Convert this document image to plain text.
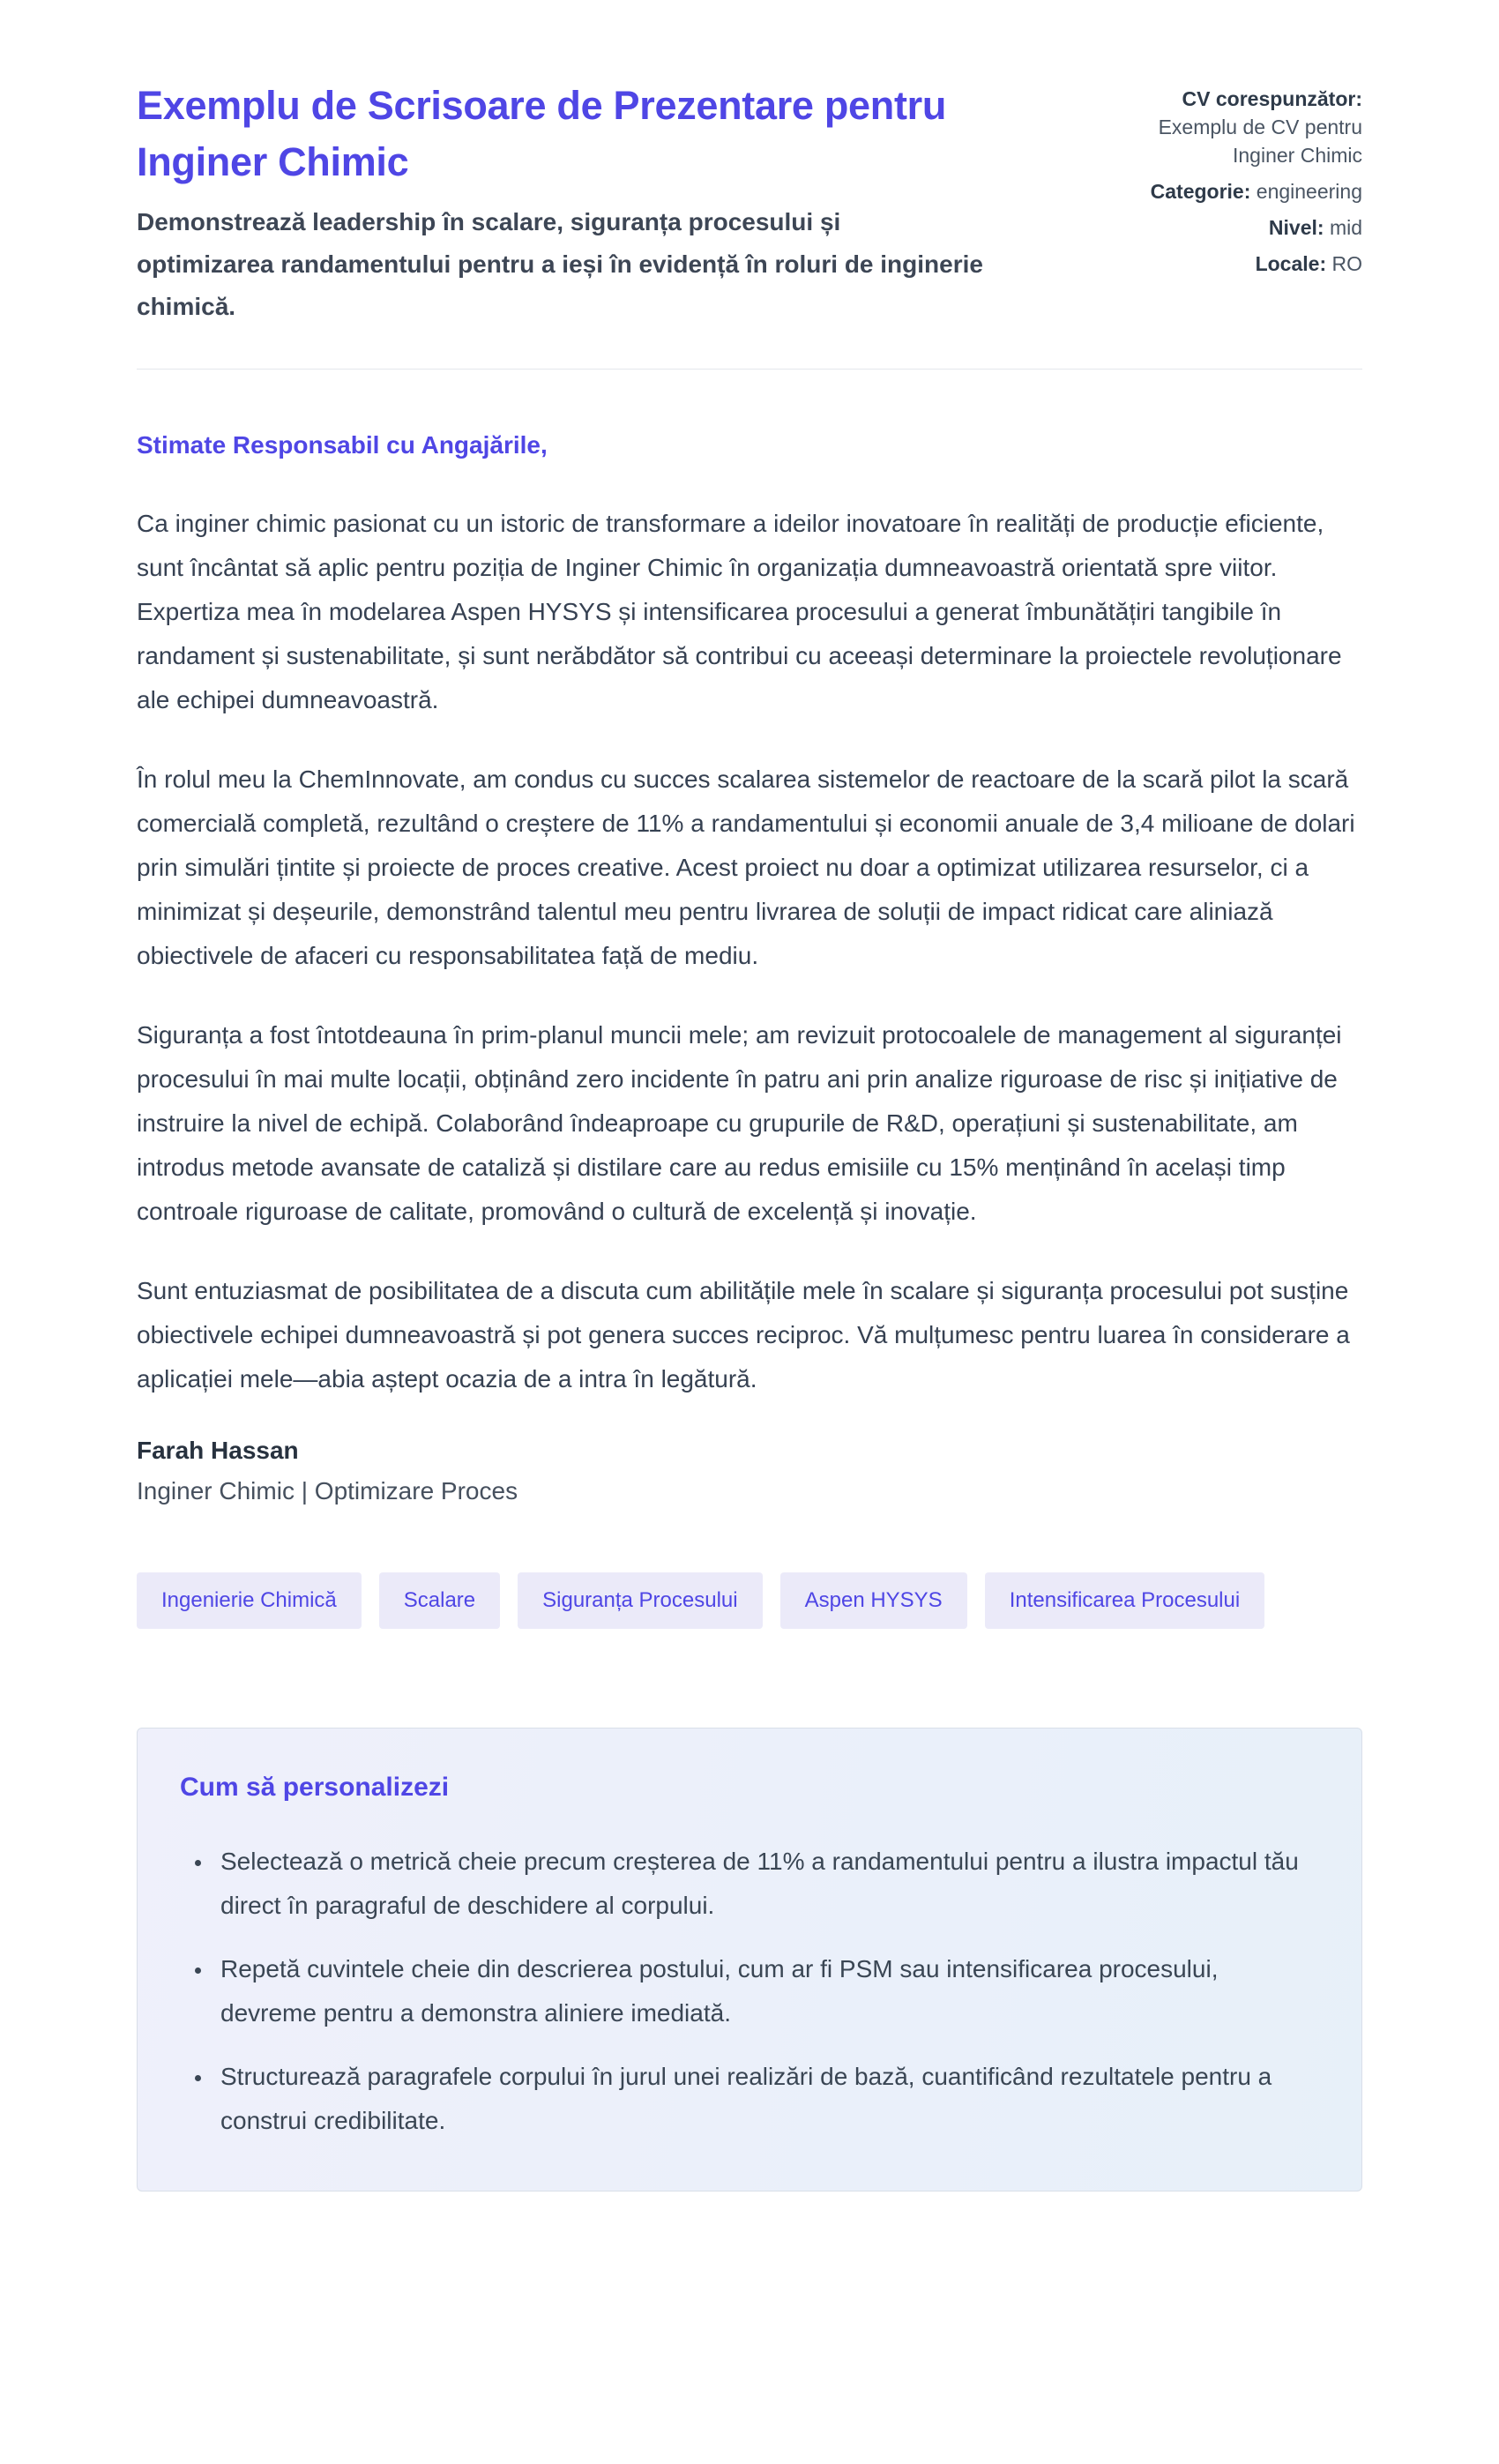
Exemplu de Scrisoare de Prezentare pentru Inginer Chimic

Demonstrează leadership în scalare, siguranța procesului și optimizarea randamentului pentru a ieși în evidență în roluri de inginerie chimică.

CV corespunzător:
Exemplu de CV pentru Inginer Chimic
Categorie: engineering
Nivel: mid
Locale: RO

Stimate Responsabil cu Angajările,

Ca inginer chimic pasionat cu un istoric de transformare a ideilor inovatoare în realități de producție eficiente, sunt încântat să aplic pentru poziția de Inginer Chimic în organizația dumneavoastră orientată spre viitor. Expertiza mea în modelarea Aspen HYSYS și intensificarea procesului a generat îmbunătățiri tangibile în randament și sustenabilitate, și sunt nerăbdător să contribui cu aceeași determinare la proiectele revoluționare ale echipei dumneavoastră.

În rolul meu la ChemInnovate, am condus cu succes scalarea sistemelor de reactoare de la scară pilot la scară comercială completă, rezultând o creștere de 11% a randamentului și economii anuale de 3,4 milioane de dolari prin simulări țintite și proiecte de proces creative. Acest proiect nu doar a optimizat utilizarea resurselor, ci a minimizat și deșeurile, demonstrând talentul meu pentru livrarea de soluții de impact ridicat care aliniază obiectivele de afaceri cu responsabilitatea față de mediu.

Siguranța a fost întotdeauna în prim-planul muncii mele; am revizuit protocoalele de management al siguranței procesului în mai multe locații, obținând zero incidente în patru ani prin analize riguroase de risc și inițiative de instruire la nivel de echipă. Colaborând îndeaproape cu grupurile de R&D, operațiuni și sustenabilitate, am introdus metode avansate de cataliză și distilare care au redus emisiile cu 15% menținând în același timp controale riguroase de calitate, promovând o cultură de excelență și inovație.

Sunt entuziasmat de posibilitatea de a discuta cum abilitățile mele în scalare și siguranța procesului pot susține obiectivele echipei dumneavoastră și pot genera succes reciproc. Vă mulțumesc pentru luarea în considerare a aplicației mele—abia aștept ocazia de a intra în legătură.

Farah Hassan

Inginer Chimic | Optimizare Proces

Ingenierie Chimică	Scalare	Siguranța Procesului	Aspen HYSYS	Intensificarea Procesului
Cum să personalizezi
• Selectează o metrică cheie precum creșterea de 11% a randamentului pentru a ilustra impactul tău direct în paragraful de deschidere al corpului.
• Repetă cuvintele cheie din descrierea postului, cum ar fi PSM sau intensificarea procesului, devreme pentru a demonstra aliniere imediată.
• Structurează paragrafele corpului în jurul unei realizări de bază, cuantificând rezultatele pentru a construi credibilitate.
